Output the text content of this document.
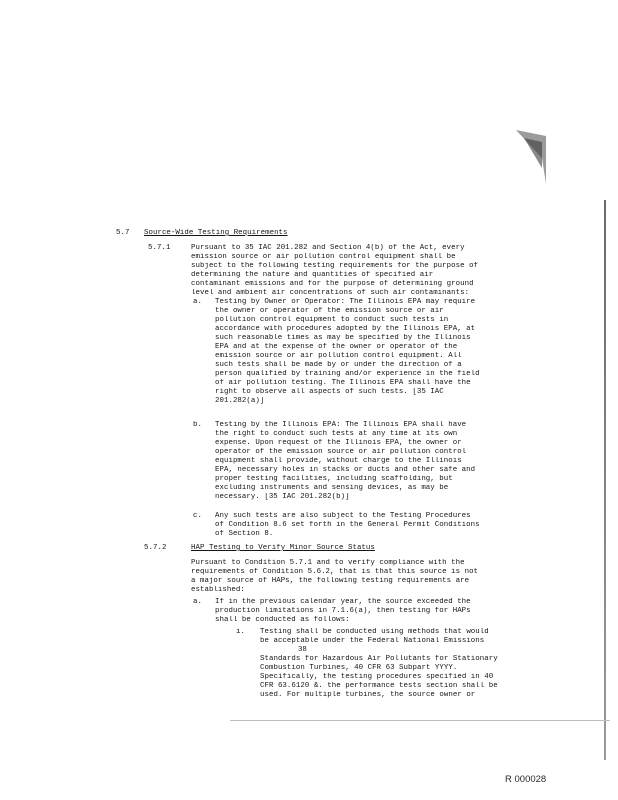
5.7 Source-Wide Testing Requirements
5.7.1	Pursuant to 35 IAC 201.282 and Section 4(b) of the Act, every
emission source or air pollution control equipment shall be
subject to the following testing requirements for the purpose of
determining the nature and quantities of specified air
contaminant emissions and for the purpose of determining ground
level and ambient air concentrations of such air contaminants:
a. Testing by Owner or Operator: The Illinois EPA may require
the owner or operator of the emission source or air
pollution control equipment to conduct such tests in
accordance with procedures adopted by the Illinois EPA, at
such reasonable times as may be specified by the Illinois
EPA and at the expense of the owner or operator of the
emission source or air pollution control equipment. All
such tests shall be made by or under the direction of a
person qualified by training and/or experience in the field
of air pollution testing. The Illinois EPA shall have the
right to observe all aspects of such tests. [35 IAC
201.282(a)]
b. Testing by the Illinois EPA: The Illinois EPA shall have
the right to conduct such tests at any time at its own
expense. Upon request of the Illinois EPA, the owner or
operator of the emission source or air pollution control
equipment shall provide, without charge to the Illinois
EPA, necessary holes in stacks or ducts and other safe and
proper testing facilities, including scaffolding, but
excluding instruments and sensing devices, as may be
necessary. [35 IAC 201.282(b)]
c. Any such tests are also subject to the Testing Procedures
of Condition 8.6 set forth in the General Permit Conditions
of Section 8.
5.7.2	HAP Testing to Verify Minor Source Status
Pursuant to Condition 5.7.1 and to verify compliance with the
requirements of Condition 5.6.2, that is that this source is not
a major source of HAPs, the following testing requirements are
established:
a. If in the previous calendar year, the source exceeded the
production limitations in 7.1.6(a), then testing for HAPs
shall be conducted as follows:
i. Testing shall be conducted using methods that would
be acceptable under the Federal National Emissions
Standards for Hazardous Air Pollutants for Stationary
Combustion Turbines, 40 CFR 63 Subpart YYYY.
Specifically, the testing procedures specified in 40
CFR 63.6120 &. the performance tests section shall be
used. For multiple turbines, the source owner or
38
R 000028
